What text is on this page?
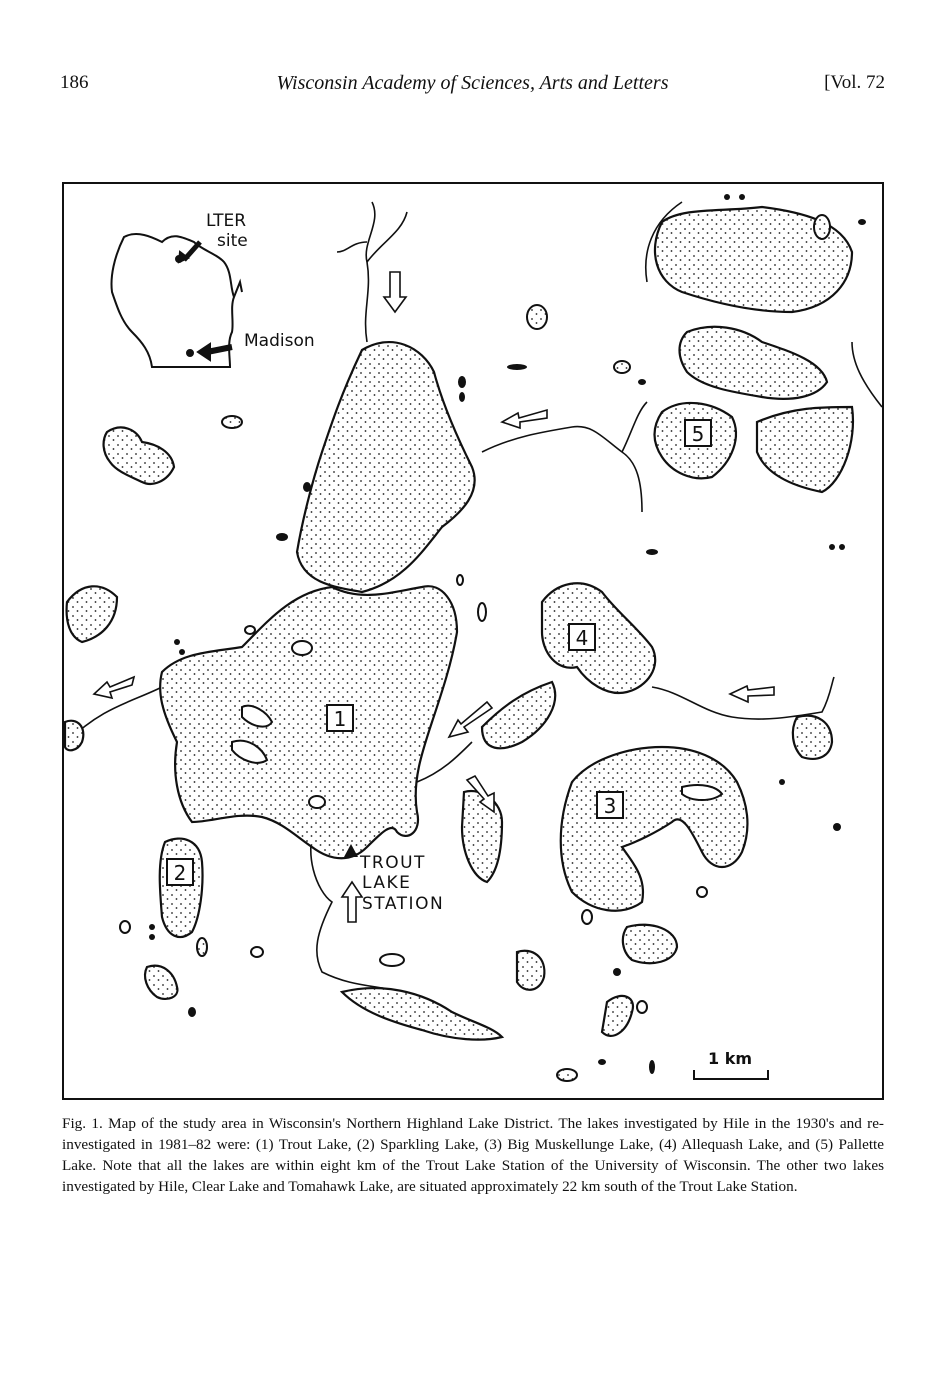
186	Wisconsin Academy of Sciences, Arts and Letters	[Vol. 72
1
2
3
4
5
TROUT
LAKE
STATION
LTER
site
Madison
1 km
Fig. 1. Map of the study area in Wisconsin's Northern Highland Lake District. The lakes investigated by Hile in the 1930's and re-investigated in 1981–82 were: (1) Trout Lake, (2) Sparkling Lake, (3) Big Muskellunge Lake, (4) Allequash Lake, and (5) Pallette Lake. Note that all the lakes are within eight km of the Trout Lake Station of the University of Wisconsin. The other two lakes investigated by Hile, Clear Lake and Tomahawk Lake, are situated approximately 22 km south of the Trout Lake Station.
